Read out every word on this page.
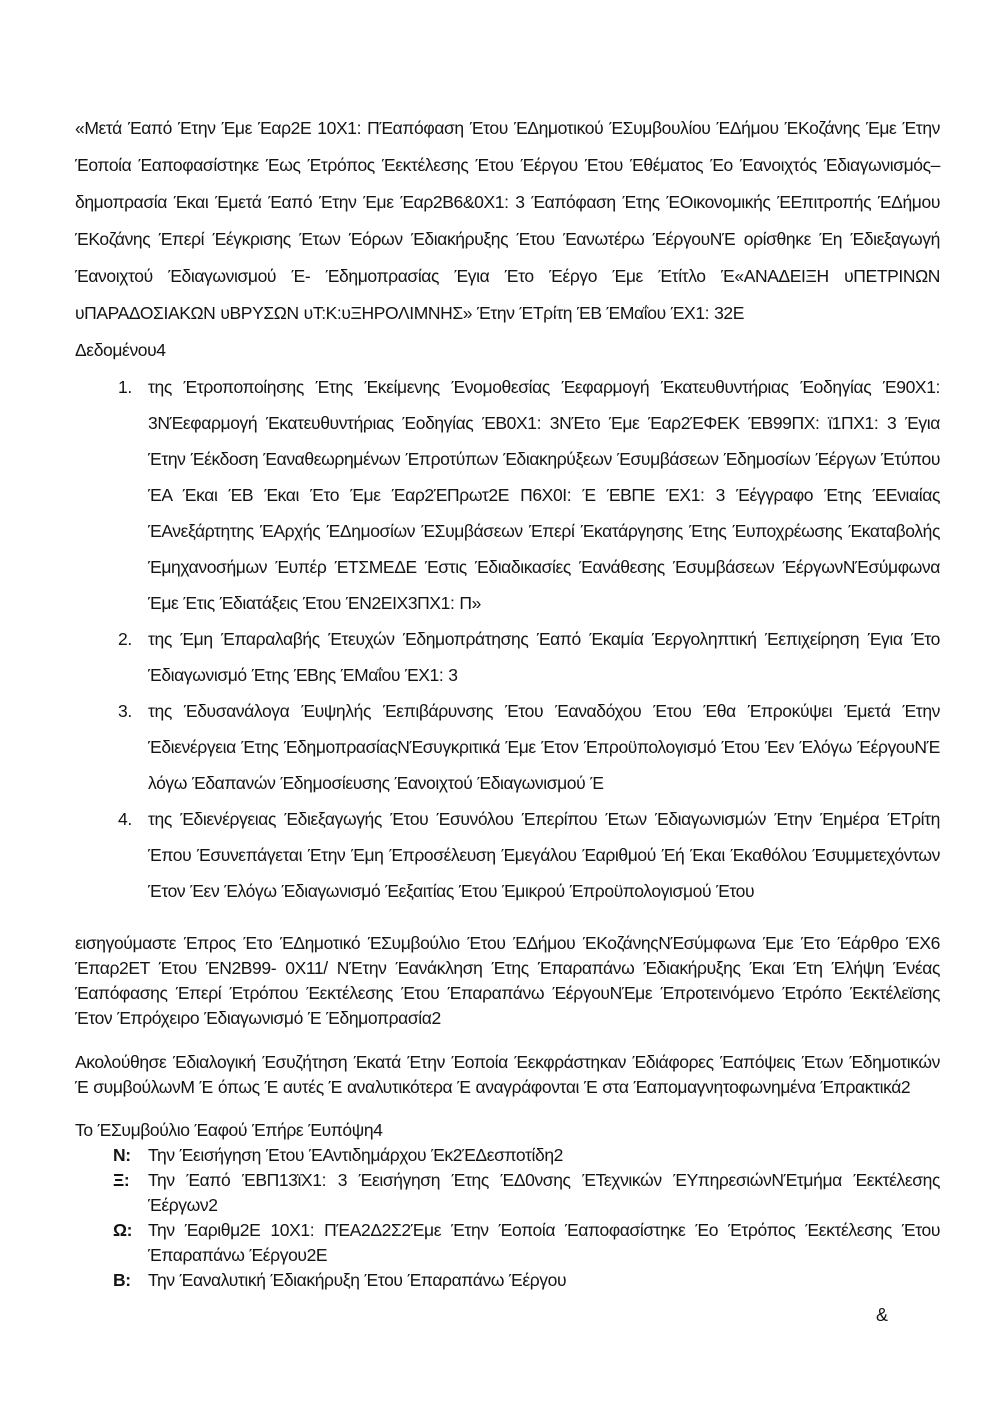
«Μετά Έαπό Έτην Έμε Έαρ2Ε 10Χ1: ΠΈαπόφαση Έτου ΈΔημοτικού ΈΣυμβουλίου ΈΔήμου ΈΚοζάνης Έμε Έτην Έοποία Έαποφασίστηκε Έως Έτρόπος Έεκτέλεσης Έτου Έέργου Έτου Έθέματος Έο Έανοιχτός Έδιαγωνισμός–δημοπρασία Έκαι Έμετά Έαπό Έτην Έμε Έαρ2Β6&0Χ1: 3 Έαπόφαση Έτης ΈΟικονομικής ΈΕπιτροπής ΈΔήμου ΈΚοζάνης Έπερί Έέγκρισης Έτων Έόρων Έδιακήρυξης Έτου Έανωτέρω ΈέργουΝΈ ορίσθηκε Έη Έδιεξαγωγή Έανοιχτού Έδιαγωνισμού Έ- Έδημοπρασίας Έγια Έτο Έέργο Έμε Έτίτλο Έ«ΑΝΑΔΕΙΞΗ υΠΕΤΡΙΝΩΝ υΠΑΡΑΔΟΣΙΑΚΩΝ υΒΡΥΣΩΝ υΤ:Κ:υΞΗΡΟΛΙΜΝΗΣ» Έτην ΈΤρίτη ΈΒ ΈΜαΐου ΈΧ1: 32Ε

Δεδομένου4

1. της Έτροποποίησης Έτης Έκείμενης Ένομοθεσίας Έεφαρμογή Έκατευθυντήριας Έοδηγίας Έ90Χ1: 3ΝΈεφαρμογή Έκατευθυντήριας Έοδηγίας ΈΒ0Χ1: 3ΝΈτο Έμε Έαρ2ΈΦΕΚ ΈΒ99ΠΧ: ϊ1ΠΧ1: 3 Έγια Έτην Έέκδοση Έαναθεωρημένων Έπροτύπων Έδιακηρύξεων Έσυμβάσεων Έδημοσίων Έέργων Έτύπου ΈΑ Έκαι ΈΒ Έκαι Έτο Έμε Έαρ2ΈΠρωτ2Ε Π6Χ0Ι: Έ ΈΒΠΕ ΈΧ1: 3 Έέγγραφο Έτης ΈΕνιαίας ΈΑνεξάρτητης ΈΑρχής ΈΔημοσίων ΈΣυμβάσεων Έπερί Έκατάργησης Έτης Έυποχρέωσης Έκαταβολής Έμηχανοσήμων Έυπέρ ΈΤΣΜΕΔΕ Έστις Έδιαδικασίες Έανάθεσης Έσυμβάσεων ΈέργωνΝΈσύμφωνα Έμε Έτις Έδιατάξεις Έτου ΈΝ2ΕΙΧ3ΠΧ1: Π»
2. της Έμη Έπαραλαβής Έτευχών Έδημοπράτησης Έαπό Έκαμία Έεργοληπτική Έεπιχείρηση Έγια Έτο Έδιαγωνισμό Έτης ΈΒης ΈΜαΐου ΈΧ1: 3
3. της Έδυσανάλογα Έυψηλής Έεπιβάρυνσης Έτου Έαναδόχου Έτου Έθα Έπροκύψει Έμετά Έτην Έδιενέργεια Έτης ΈδημοπρασίαςΝΈσυγκριτικά Έμε Έτον Έπροϋπολογισμό Έτου Έεν Έλόγω ΈέργουΝΈ λόγω Έδαπανών Έδημοσίευσης Έανοιχτού Έδιαγωνισμού Έ
4. της Έδιενέργειας Έδιεξαγωγής Έτου Έσυνόλου Έπερίπου Έτων Έδιαγωνισμών Έτην Έημέρα ΈΤρίτη Έπου Έσυνεπάγεται Έτην Έμη Έπροσέλευση Έμεγάλου Έαριθμού Έή Έκαι Έκαθόλου Έσυμμετεχόντων Έτον Έεν Έλόγω Έδιαγωνισμό Έεξαιτίας Έτου Έμικρού Έπροϋπολογισμού Έτου

εισηγούμαστε Έπρος Έτο ΈΔημοτικό ΈΣυμβούλιο Έτου ΈΔήμου ΈΚοζάνηςΝΈσύμφωνα Έμε Έτο Έάρθρο ΈΧ6 Έπαρ2ΕΤ Έτου ΈΝ2Β99- 0Χ11/ ΝΈτην Έανάκληση Έτης Έπαραπάνω Έδιακήρυξης Έκαι Έτη Έλήψη Ένέας Έαπόφασης Έπερί Έτρόπου Έεκτέλεσης Έτου Έπαραπάνω ΈέργουΝΈμε Έπροτεινόμενο Έτρόπο Έεκτέλεϊσης Έτον Έπρόχειρο Έδιαγωνισμό Έ Έδημοπρασία2

Ακολούθησε Έδιαλογική Έσυζήτηση Έκατά Έτην Έοποία Έεκφράστηκαν Έδιάφορες Έαπόψεις Έτων Έδημοτικών Έ συμβούλωνΜ Έ όπως Έ αυτές Έ αναλυτικότερα Έ αναγράφονται Έ στα Έαπομαγνητοφωνημένα Έπρακτικά2

Το ΈΣυμβούλιο Έαφού Έπήρε Έυπόψη4

Ν: Την Έεισήγηση Έτου ΈΑντιδημάρχου Έκ2ΈΔεσποτίδη2
Ξ:	Την Έαπό ΈΒΠ13ϊΧ1: 3 Έεισήγηση Έτης ΈΔ0νσης ΈΤεχνικών ΈΥπηρεσιώνΝΈτμήμα Έεκτέλεσης Έέργων2
Ω: Την Έαριθμ2Ε 10Χ1: ΠΈΑ2Δ2Σ2Έμε Έτην Έοποία Έαποφασίστηκε Έο Έτρόπος Έεκτέλεσης Έτου Έπαραπάνω Έέργου2Ε
Β: Την Έαναλυτική Έδιακήρυξη Έτου Έπαραπάνω Έέργου
&
